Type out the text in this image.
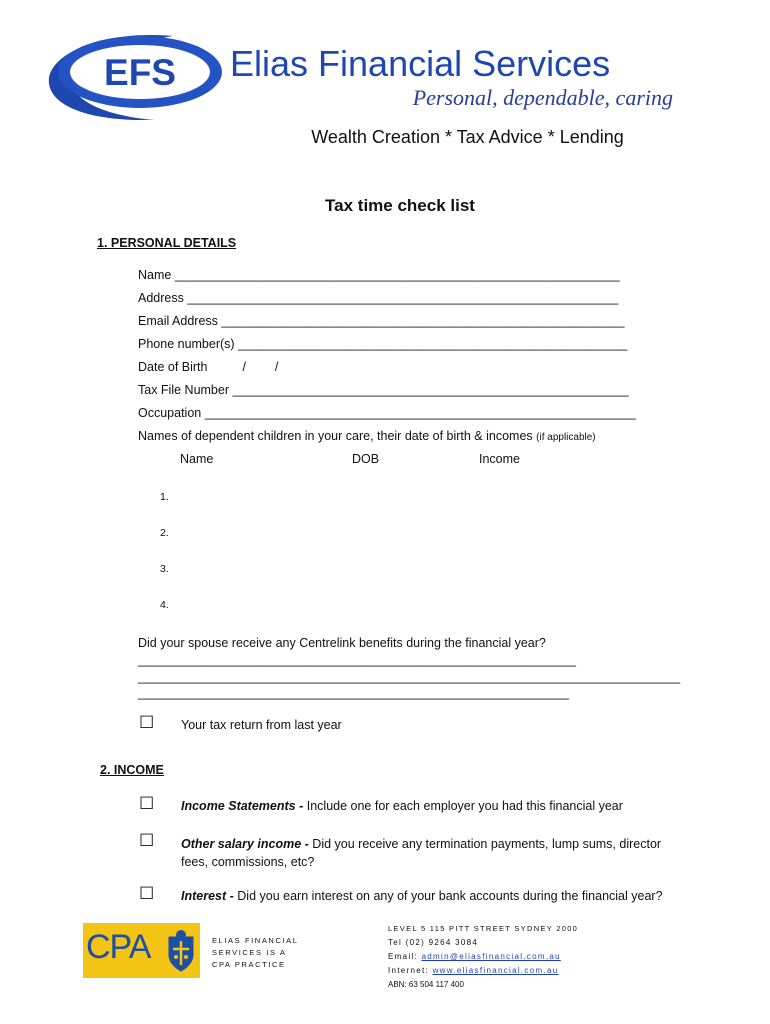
EFS Elias Financial Services
Personal, dependable, caring
Wealth Creation * Tax Advice * Lending
Tax time check list
1. PERSONAL DETAILS
Name ________________________________________________________________
Address ______________________________________________________________
Email Address __________________________________________________________
Phone number(s) ________________________________________________________
Date of Birth	/ /
Tax File Number _________________________________________________________
Occupation ______________________________________________________________
Names of dependent children in your care, their date of birth & incomes (if applicable)
Name	DOB	Income
1.
2.
3.
4.
Did your spouse receive any Centrelink benefits during the financial year?
_______________________________________________________________
______________________________________________________________________________
______________________________________________________________
☐ Your tax return from last year
2. INCOME
☐ Income Statements - Include one for each employer you had this financial year
☐ Other salary income - Did you receive any termination payments, lump sums, director
fees, commissions, etc?
☐ Interest - Did you earn interest on any of your bank accounts during the financial year?
CPA	ELIAS FINANCIAL
SERVICES IS A
CPA PRACTICE
LEVEL 5 115 PITT STREET SYDNEY 2000
Tel (02) 9264 3084
Email: admin@eliasfinancial.com.au
Internet: www.eliasfinancial.com.au
ABN: 63 504 117 400
